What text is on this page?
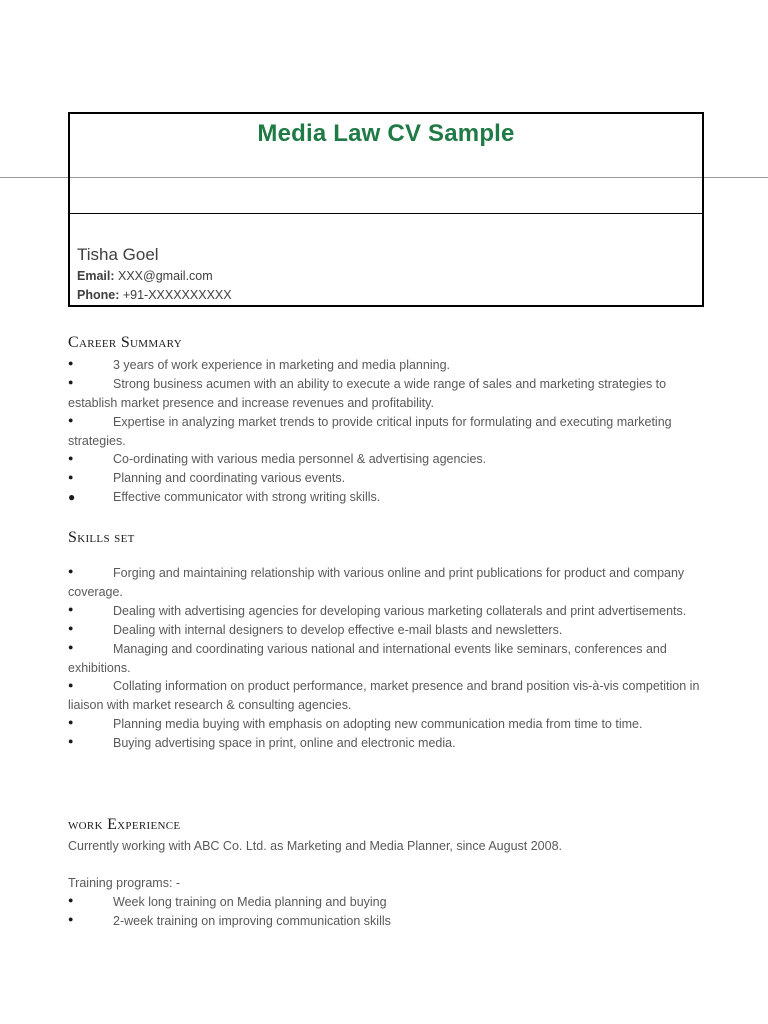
Media Law CV Sample
Tisha Goel
Email: XXX@gmail.com
Phone: +91-XXXXXXXXXX
Career Summary
●	3 years of work experience in marketing and media planning.
●	Strong business acumen with an ability to execute a wide range of sales and marketing strategies to establish market presence and increase revenues and profitability.
●	Expertise in analyzing market trends to provide critical inputs for formulating and executing marketing strategies.
●	Co-ordinating with various media personnel & advertising agencies.
●	Planning and coordinating various events.
●	Effective communicator with strong writing skills.
Skills set
●	Forging and maintaining relationship with various online and print publications for product and company coverage.
●	Dealing with advertising agencies for developing various marketing collaterals and print advertisements.
●	Dealing with internal designers to develop effective e-mail blasts and newsletters.
●	Managing and coordinating various national and international events like seminars, conferences and exhibitions.
●	Collating information on product performance, market presence and brand position vis-à-vis competition in liaison with market research & consulting agencies.
●	Planning media buying with emphasis on adopting new communication media from time to time.
●	Buying advertising space in print, online and electronic media.
work Experience
Currently working with ABC Co. Ltd. as Marketing and Media Planner, since August 2008.
Training programs: -
●	Week long training on Media planning and buying
●	2-week training on improving communication skills
